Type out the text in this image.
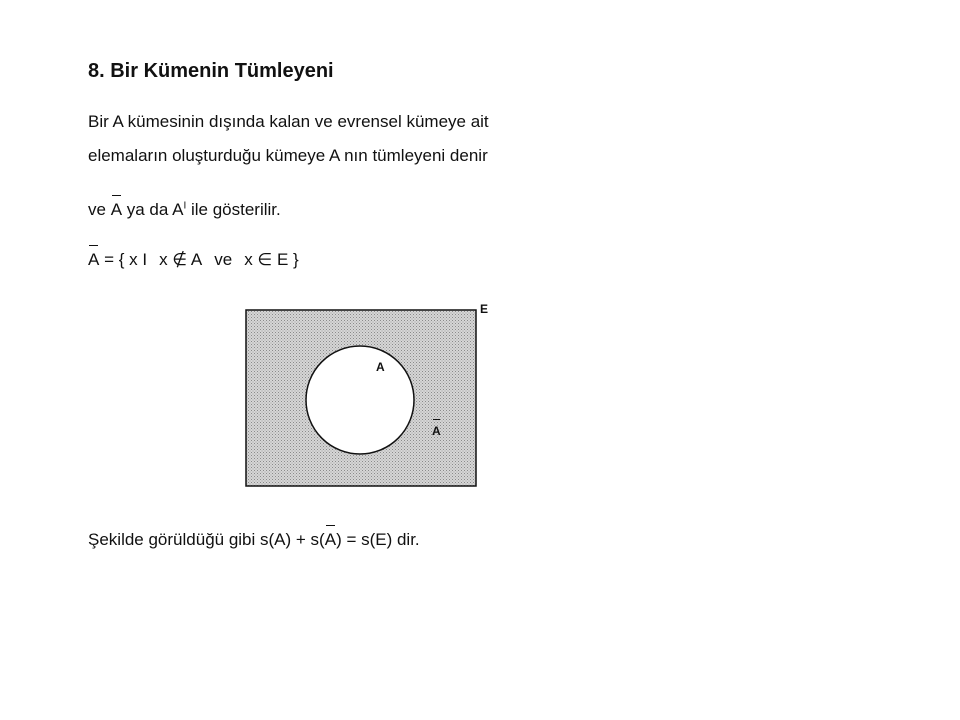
8. Bir Kümenin Tümleyeni
Bir A kümesinin dışında kalan ve evrensel kümeye ait
elemaların oluşturduğu kümeye A nın tümleyeni denir
ve A ya da $A^I$ ile gösterilir.
A = { x I x ∉ A ve x ∈ E }
E
A
A
Şekilde görüldüğü gibi s(A) + s(A) = s(E) dir.
